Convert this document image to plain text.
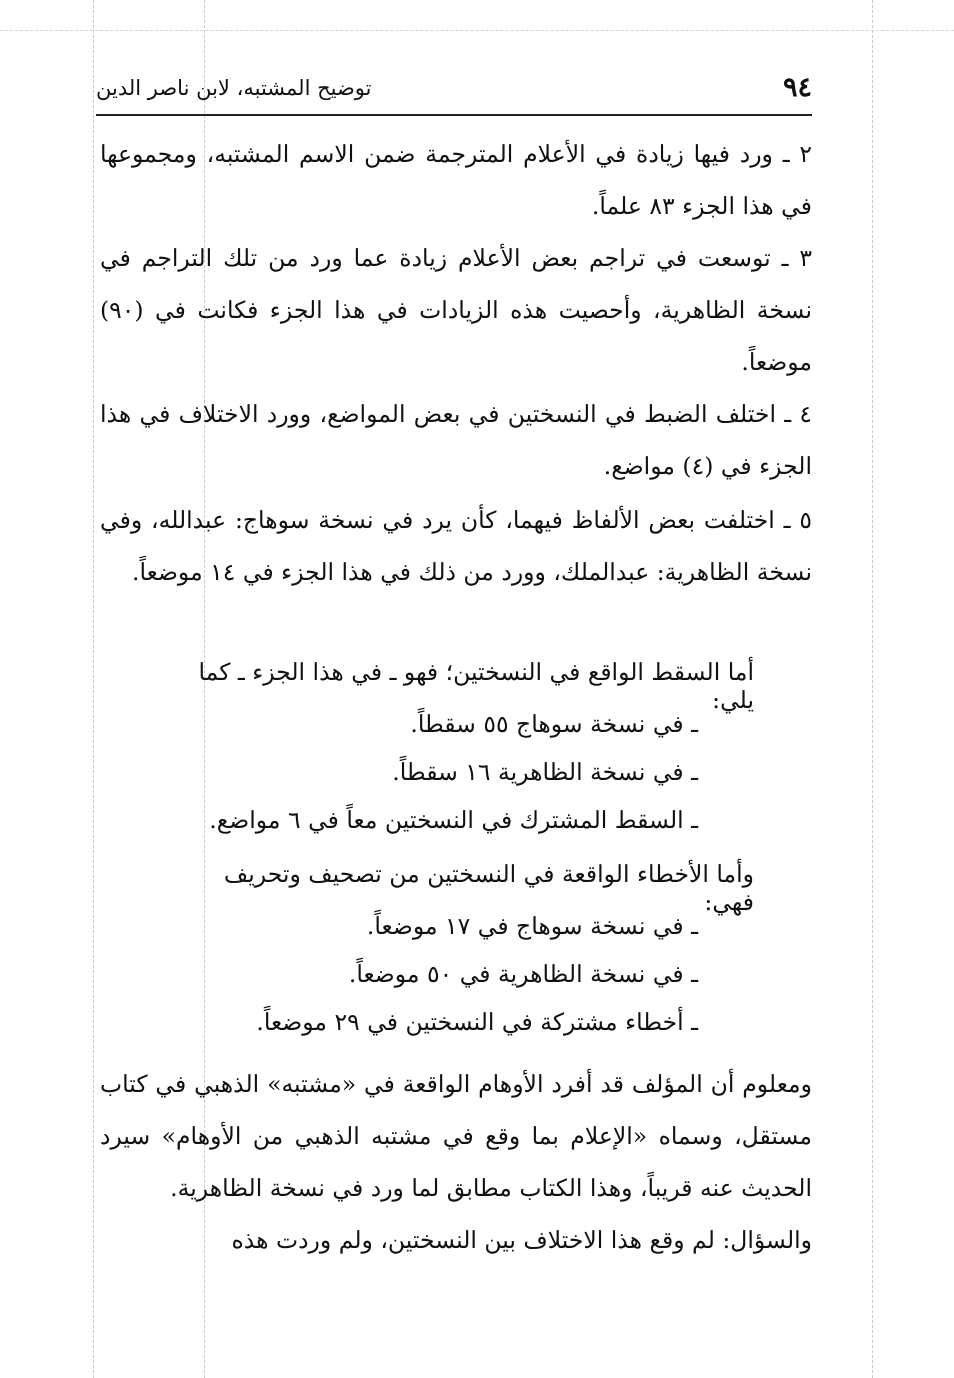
٩٤
توضيح المشتبه، لابن ناصر الدين

٢ ـ ورد فيها زيادة في الأعلام المترجمة ضمن الاسم المشتبه، ومجموعها في هذا الجزء ٨٣ علماً.

٣ ـ توسعت في تراجم بعض الأعلام زيادة عما ورد من تلك التراجم في نسخة الظاهرية، وأحصيت هذه الزيادات في هذا الجزء فكانت في (٩٠) موضعاً.

٤ ـ اختلف الضبط في النسختين في بعض المواضع، وورد الاختلاف في هذا الجزء في (٤) مواضع.

٥ ـ اختلفت بعض الألفاظ فيهما، كأن يرد في نسخة سوهاج: عبدالله، وفي نسخة الظاهرية: عبدالملك، وورد من ذلك في هذا الجزء في ١٤ موضعاً.

أما السقط الواقع في النسختين؛ فهو ـ في هذا الجزء ـ كما يلي:

ـ في نسخة سوهاج ٥٥ سقطاً.

ـ في نسخة الظاهرية ١٦ سقطاً.

ـ السقط المشترك في النسختين معاً في ٦ مواضع.

وأما الأخطاء الواقعة في النسختين من تصحيف وتحريف فهي:

ـ في نسخة سوهاج في ١٧ موضعاً.

ـ في نسخة الظاهرية في ٥٠ موضعاً.

ـ أخطاء مشتركة في النسختين في ٢٩ موضعاً.

ومعلوم أن المؤلف قد أفرد الأوهام الواقعة في «مشتبه» الذهبي في كتاب مستقل، وسماه «الإعلام بما وقع في مشتبه الذهبي من الأوهام» سيرد الحديث عنه قريباً، وهذا الكتاب مطابق لما ورد في نسخة الظاهرية.

والسؤال: لم وقع هذا الاختلاف بين النسختين، ولم وردت هذه
